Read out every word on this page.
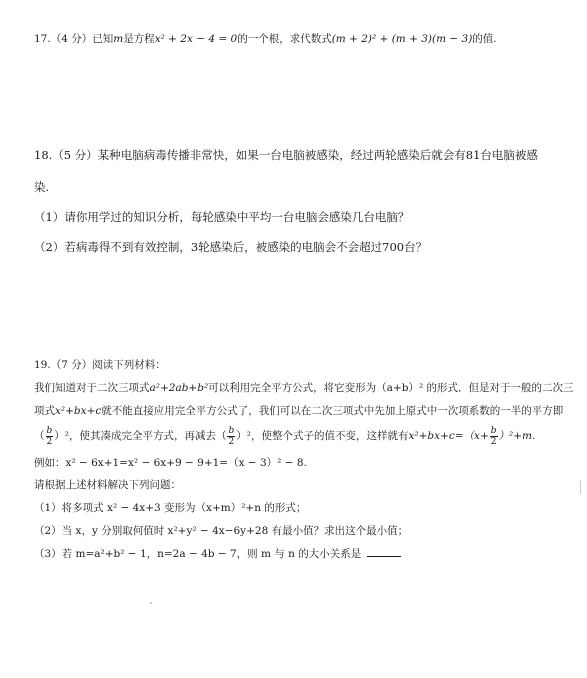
17.（4 分）已知m是方程x² + 2x − 4 = 0的一个根，求代数式(m + 2)² + (m + 3)(m − 3)的值.
18.（5 分）某种电脑病毒传播非常快，如果一台电脑被感染，经过两轮感染后就会有81台电脑被感
染.
（1）请你用学过的知识分析，每轮感染中平均一台电脑会感染几台电脑？
（2）若病毒得不到有效控制，3轮感染后，被感染的电脑会不会超过700台？
19.（7 分）阅读下列材料：
我们知道对于二次三项式a²+2ab+b²可以利用完全平方公式，将它变形为（a+b）² 的形式．但是对于一般的二次三
项式x²+bx+c就不能直接应用完全平方公式了，我们可以在二次三项式中先加上原式中一次项系数的一半的平方即
（ $\frac{b}{2} )^2$，使其凑成完全平方式，再减去（ $\frac{b}{2} )^2$，使整个式子的值不变，这样就有$x^2+bx+c=(x+ \frac{b}{2} )^2+m$.
例如：x² − 6x+1=x² − 6x+9 − 9+1=（x − 3）² − 8.
请根据上述材料解决下列问题：
（1）将多项式 x² − 4x+3 变形为（x+m）²+n 的形式；
（2）当 x，y 分别取何值时 x²+y² − 4x−6y+28 有最小值？求出这个最小值；
（3）若 m=a²+b² − 1，n=2a − 4b − 7，则 m 与 n 的大小关系是
